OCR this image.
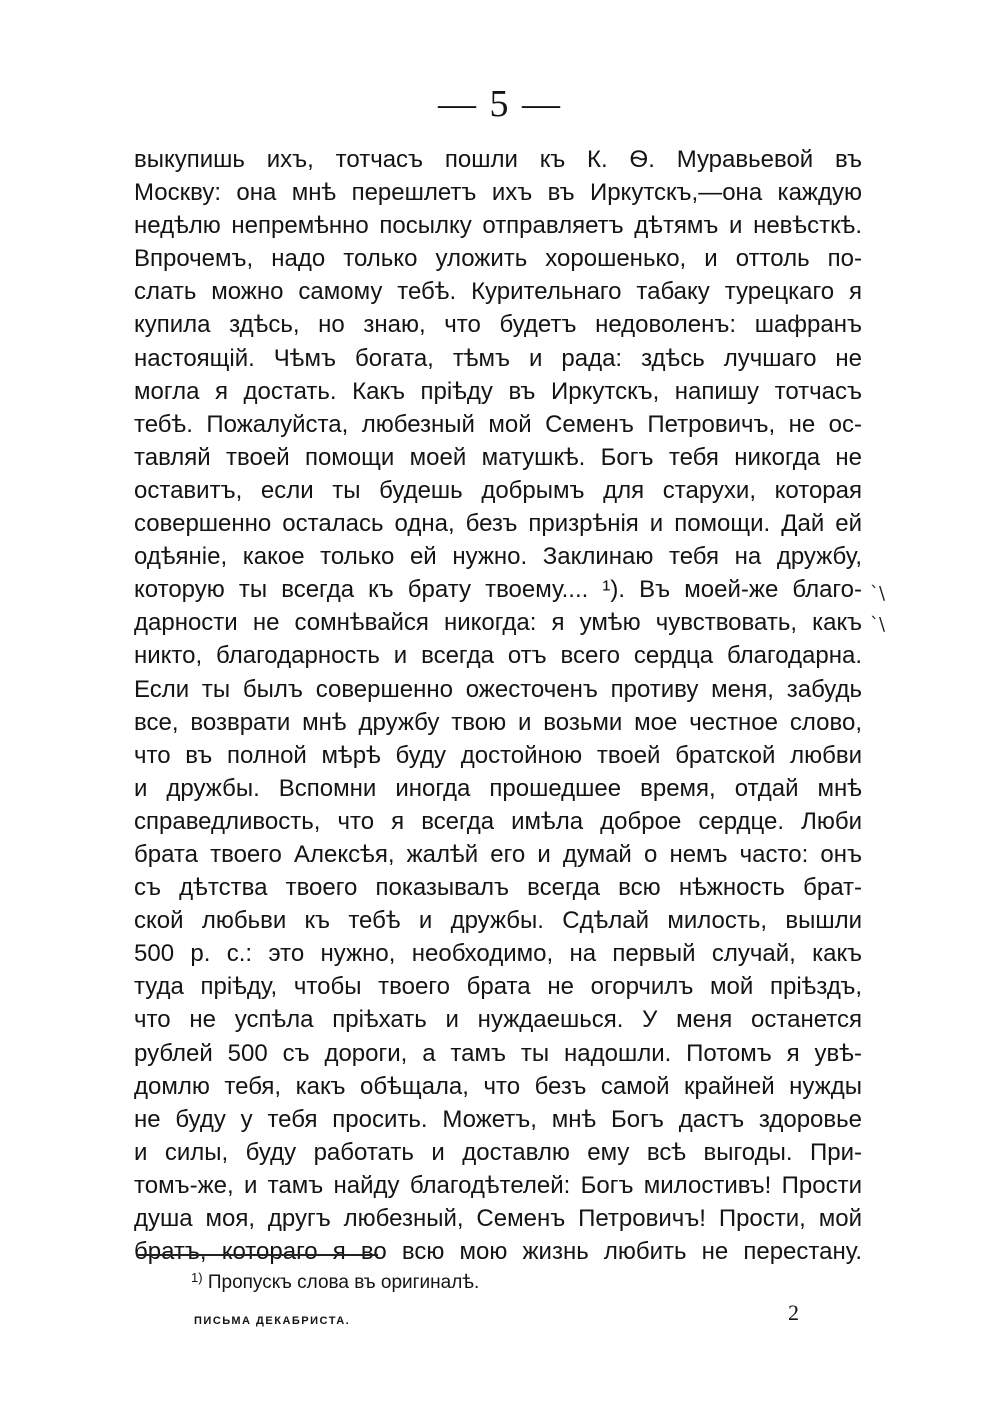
— 5 —
выкупишь ихъ, тотчасъ пошли къ К. Ѳ. Муравьевой въ
Москву: она мнѣ перешлетъ ихъ въ Иркутскъ,—она каждую
недѣлю непремѣнно посылку отправляетъ дѣтямъ и невѣсткѣ.
Впрочемъ, надо только уложить хорошенько, и оттоль по-
слать можно самому тебѣ. Курительнаго табаку турецкаго я
купила здѣсь, но знаю, что будетъ недоволенъ: шафранъ
настоящій. Чѣмъ богата, тѣмъ и рада: здѣсь лучшаго не
могла я достать. Какъ пріѣду въ Иркутскъ, напишу тотчасъ
тебѣ. Пожалуйста, любезный мой Семенъ Петровичъ, не ос-
тавляй твоей помощи моей матушкѣ. Богъ тебя никогда не
оставитъ, если ты будешь добрымъ для старухи, которая
совершенно осталась одна, безъ призрѣнія и помощи. Дай ей
одѣяніе, какое только ей нужно. Заклинаю тебя на дружбу,
которую ты всегда къ брату твоему.... ¹). Въ моей-же благо-
дарности не сомнѣвайся никогда: я умѣю чувствовать, какъ
никто, благодарность и всегда отъ всего сердца благодарна.
Если ты былъ совершенно ожесточенъ противу меня, забудь
все, возврати мнѣ дружбу твою и возьми мое честное слово,
что въ полной мѣрѣ буду достойною твоей братской любви
и дружбы. Вспомни иногда прошедшее время, отдай мнѣ
справедливость, что я всегда имѣла доброе сердце. Люби
брата твоего Алексѣя, жалѣй его и думай о немъ часто: онъ
съ дѣтства твоего показывалъ всегда всю нѣжность брат-
ской любьви къ тебѣ и дружбы. Сдѣлай милость, вышли
500 р. с.: это нужно, необходимо, на первый случай, какъ
туда пріѣду, чтобы твоего брата не огорчилъ мой пріѣздъ,
что не успѣла пріѣхать и нуждаешься. У меня останется
рублей 500 съ дороги, а тамъ ты надошли. Потомъ я увѣ-
домлю тебя, какъ обѣщала, что безъ самой крайней нужды
не буду у тебя просить. Можетъ, мнѣ Богъ дастъ здоровье
и силы, буду работать и доставлю ему всѣ выгоды. При-
томъ-же, и тамъ найду благодѣтелей: Богъ милостивъ! Прости
душа моя, другъ любезный, Семенъ Петровичъ! Прости, мой
братъ, котораго я во всю мою жизнь любить не перестану.
ˋ\
ˋ\
$^{1)}$ Пропускъ слова въ оригиналѣ.
ПИСЬМА ДЕКАБРИСТА.	2
